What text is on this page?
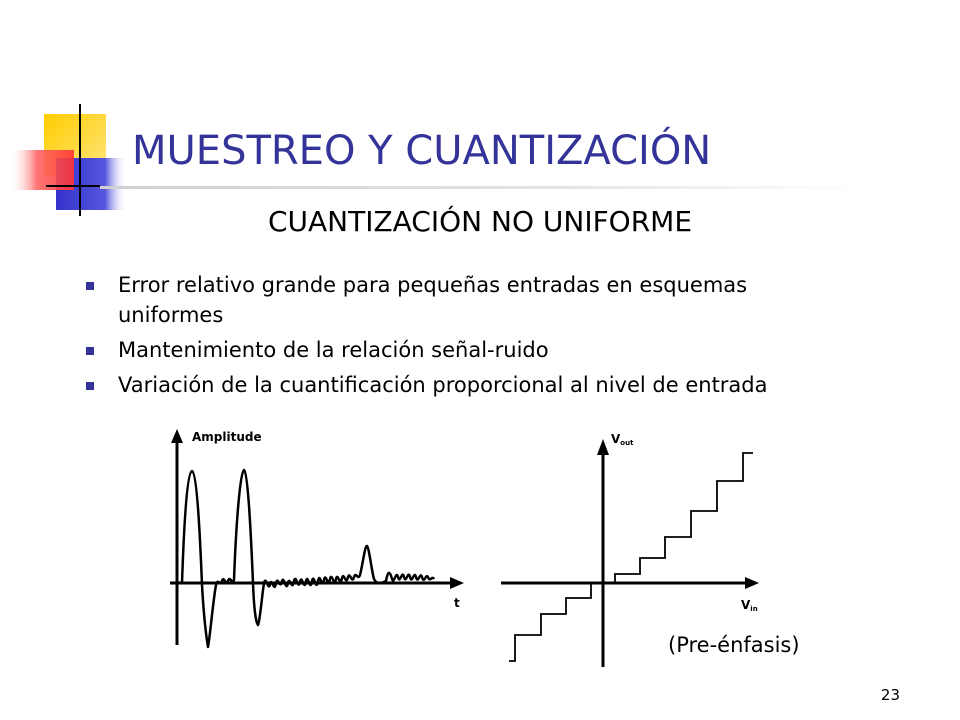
MUESTREO Y CUANTIZACIÓN
CUANTIZACIÓN NO UNIFORME
Error relativo grande para pequeñas entradas en esquemas uniformes
Mantenimiento de la relación señal-ruido
Variación de la cuantificación proporcional al nivel de entrada
Amplitude
t
Vout
Vin
(Pre-énfasis)
23
